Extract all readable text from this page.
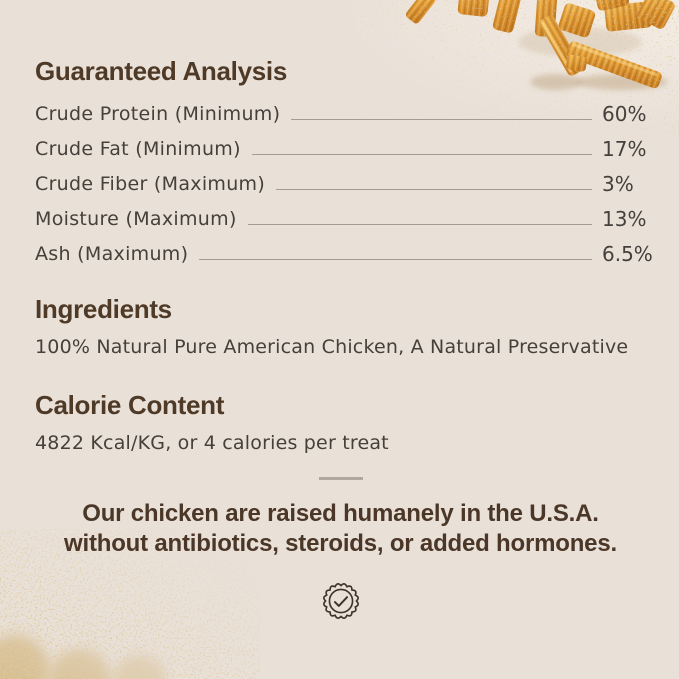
Guaranteed Analysis
Crude Protein (Minimum)	60%
Crude Fat (Minimum)	17%
Crude Fiber (Maximum)	3%
Moisture (Maximum)	13%
Ash (Maximum)	6.5%
Ingredients

100% Natural Pure American Chicken, A Natural Preservative

Calorie Content

4822 Kcal/KG, or 4 calories per treat

Our chicken are raised humanely in the U.S.A.
without antibiotics, steroids, or added hormones.
